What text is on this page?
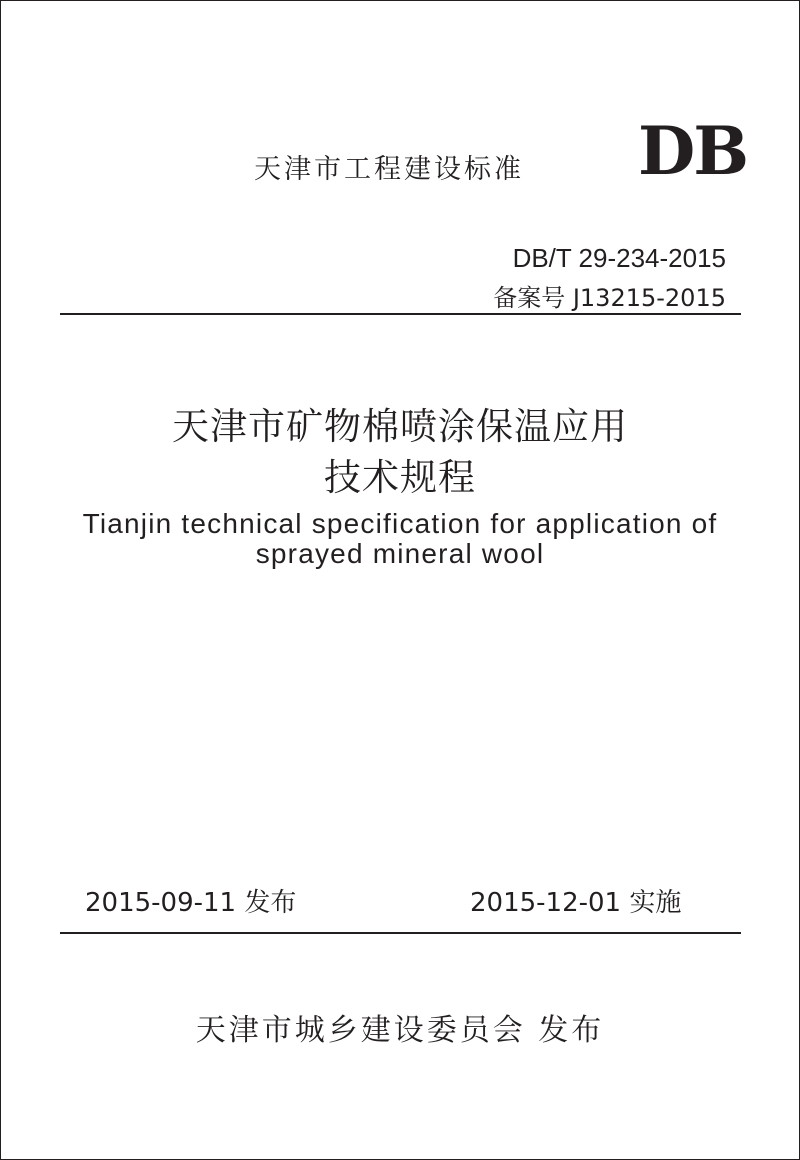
天津市工程建设标准 DB
DB/T 29-234-2015
备案号 J13215-2015
天津市矿物棉喷涂保温应用
技术规程
Tianjin technical specification for application of
sprayed mineral wool
2015-09-11 发布	2015-12-01 实施
天津市城乡建设委员会 发布
